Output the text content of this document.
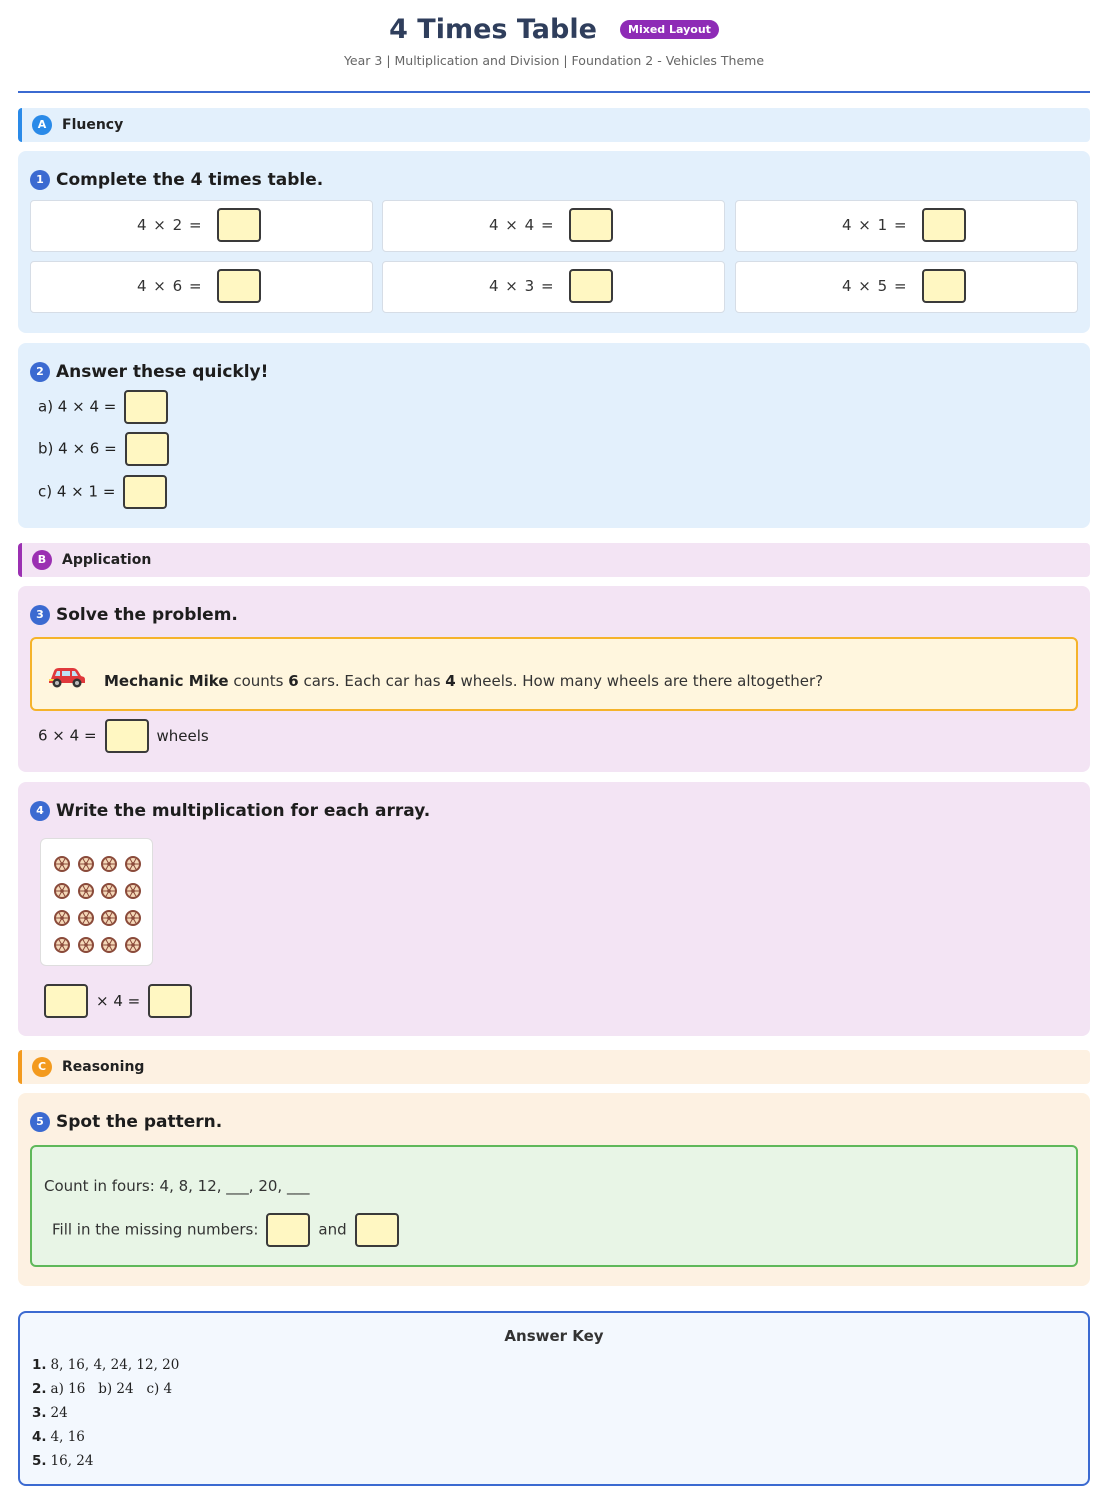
4 Times Table	Mixed Layout
Year 3 | Multiplication and Division | Foundation 2 - Vehicles Theme
A	Fluency
1 Complete the 4 times table.
4 × 2 =	4 × 4 =	4 × 1 =
4 × 6 =	4 × 3 =	4 × 5 =
2 Answer these quickly!
a) 4 × 4 =
b) 4 × 6 =
c) 4 × 1 =
B	Application
3 Solve the problem.
Mechanic Mike counts 6 cars. Each car has 4 wheels. How many wheels are there altogether?
6 × 4 =	wheels
4 Write the multiplication for each array.
× 4 =
C	Reasoning
5 Spot the pattern.
Count in fours: 4, 8, 12, ___, 20, ___
Fill in the missing numbers:	and
Answer Key
1. 8, 16, 4, 24, 12, 20
2. a) 16   b) 24   c) 4
3. 24
4. 4, 16
5. 16, 24
